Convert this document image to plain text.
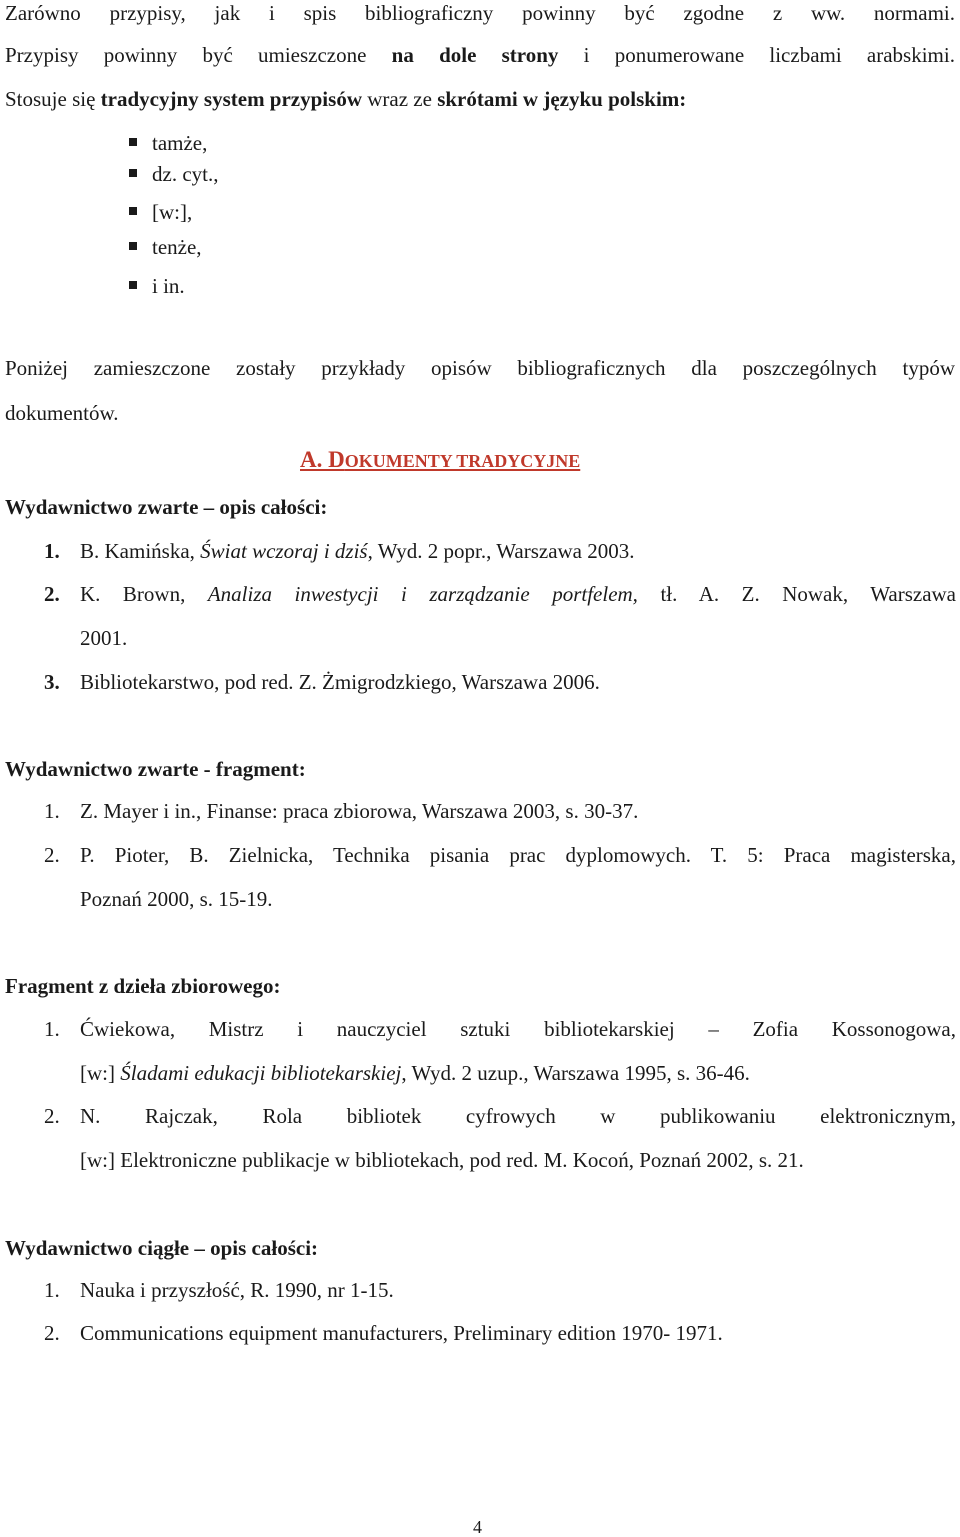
Zarówno przypisy, jak i spis bibliograficzny powinny być zgodne z ww. normami.
Przypisy powinny być umieszczone na dole strony i ponumerowane liczbami arabskimi.
Stosuje się tradycyjny system przypisów wraz ze skrótami w języku polskim:
tamże,
dz. cyt.,
[w:],
tenże,
i in.
Poniżej zamieszczone zostały przykłady opisów bibliograficznych dla poszczególnych typów
dokumentów.
A. DOKUMENTY TRADYCYJNE
Wydawnictwo zwarte – opis całości:
1. B. Kamińska, Świat wczoraj i dziś, Wyd. 2 popr., Warszawa 2003.
2. K. Brown, Analiza inwestycji i zarządzanie portfelem, tł. A. Z. Nowak, Warszawa
2001.
3. Bibliotekarstwo, pod red. Z. Żmigrodzkiego, Warszawa 2006.
Wydawnictwo zwarte - fragment:
1. Z. Mayer i in., Finanse: praca zbiorowa, Warszawa 2003, s. 30-37.
2. P. Pioter, B. Zielnicka, Technika pisania prac dyplomowych. T. 5: Praca magisterska,
Poznań 2000, s. 15-19.
Fragment z dzieła zbiorowego:
1. Ćwiekowa, Mistrz i nauczyciel sztuki bibliotekarskiej – Zofia Kossonogowa,
[w:] Śladami edukacji bibliotekarskiej, Wyd. 2 uzup., Warszawa 1995, s. 36-46.
2. N. Rajczak, Rola bibliotek cyfrowych w publikowaniu elektronicznym,
[w:] Elektroniczne publikacje w bibliotekach, pod red. M. Kocoń, Poznań 2002, s. 21.
Wydawnictwo ciągłe – opis całości:
1. Nauka i przyszłość, R. 1990, nr 1-15.
2. Communications equipment manufacturers, Preliminary edition 1970- 1971.
4
